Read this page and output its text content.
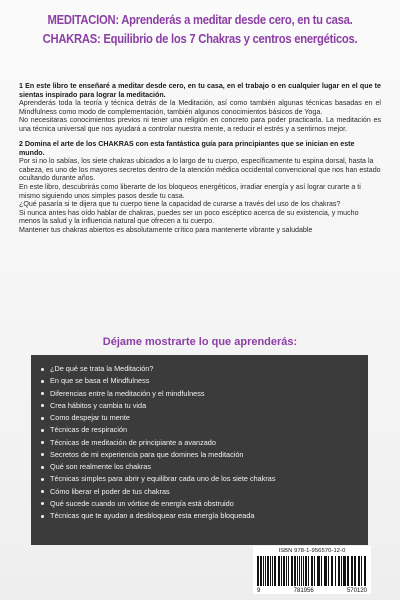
MEDITACION: Aprenderás a meditar desde cero, en tu casa.
CHAKRAS: Equilibrio de los 7 Chakras y centros energéticos.

1 En este libro te enseñaré a meditar desde cero, en tu casa, en el trabajo o en cualquier lugar en el que te sientas inspirado para lograr la meditación.

Aprenderás toda la teoría y técnica detrás de la Meditación, así como también algunas técnicas basadas en el Mindfulness como modo de complementación, también algunos conocimientos básicos de Yoga.

No necesitaras conocimientos previos ni tener una religión en concreto para poder practicarla. La meditación es una técnica universal que nos ayudará a controlar nuestra mente, a reducir el estrés y a sentirnos mejor.

2 Domina el arte de los CHAKRAS con esta fantástica guía para principiantes que se inician en este mundo.

Por si no lo sabías, los siete chakras ubicados a lo largo de tu cuerpo, específicamente tu espina dorsal, hasta la cabeza, es uno de los mayores secretos dentro de la atención médica occidental convencional que nos han estado ocultando durante años.

En este libro, descubrirás como liberarte de los bloqueos energéticos, irradiar energía y así lograr curarte a ti mismo siguiendo unos simples pasos desde tu casa.

¿Qué pasaría si te dijera que tu cuerpo tiene la capacidad de curarse a través del uso de los chakras?

Si nunca antes has oído hablar de chakras, puedes ser un poco escéptico acerca de su existencia, y mucho menos la salud y la influencia natural que ofrecen a tu cuerpo.

Mantener tus chakras abiertos es absolutamente crítico para mantenerte vibrante y saludable

Déjame mostrarte lo que aprenderás:
¿De qué se trata la Meditación?
En que se basa el Mindfulness
Diferencias entre la meditación y el mindfulness
Crea hábitos y cambia tu vida
Como despejar tu mente
Técnicas de respiración
Técnicas de meditación de principiante a avanzado
Secretos de mi experiencia para que domines la meditación
Qué son realmente los chakras
Técnicas simples para abrir y equilibrar cada uno de los siete chakras
Cómo liberar el poder de tus chakras
Qué sucede cuando un vórtice de energía está obstruido
Técnicas que te ayudan a desbloquear esta energía bloqueada
ISBN 978-1-956570-12-0
9	781956	570120
